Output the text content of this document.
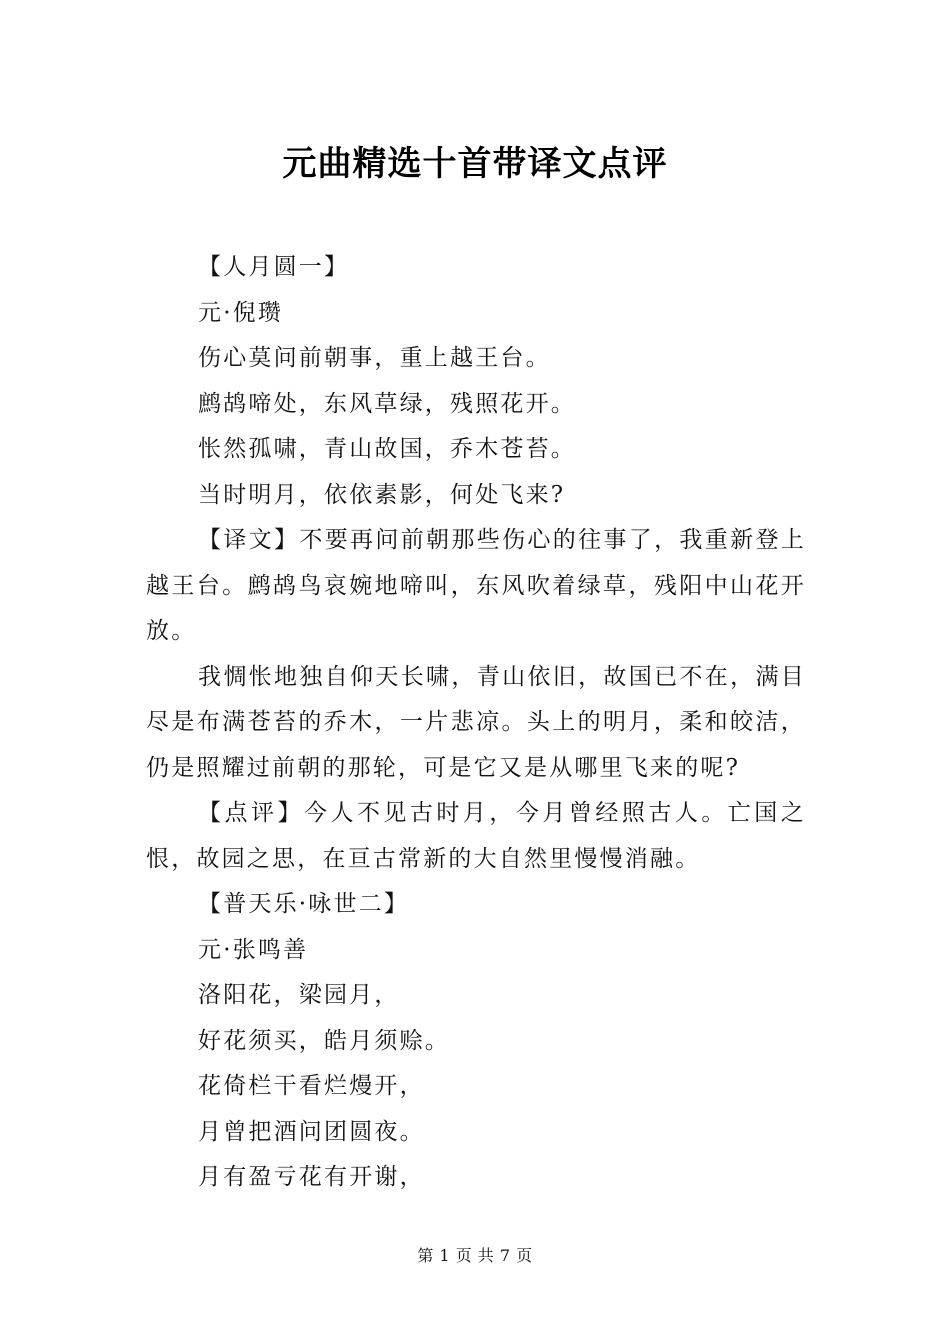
元曲精选十首带译文点评

【人月圆一】

元·倪瓒

伤心莫问前朝事，重上越王台。

鹧鸪啼处，东风草绿，残照花开。

怅然孤啸，青山故国，乔木苍苔。

当时明月，依依素影，何处飞来?

【译文】不要再问前朝那些伤心的往事了，我重新登上越王台。鹧鸪鸟哀婉地啼叫，东风吹着绿草，残阳中山花开放。

我惆怅地独自仰天长啸，青山依旧，故国已不在，满目尽是布满苍苔的乔木，一片悲凉。头上的明月，柔和皎洁，仍是照耀过前朝的那轮，可是它又是从哪里飞来的呢?

【点评】今人不见古时月，今月曾经照古人。亡国之恨，故园之思，在亘古常新的大自然里慢慢消融。

【普天乐·咏世二】

元·张鸣善

洛阳花，梁园月，

好花须买，皓月须赊。

花倚栏干看烂熳开，

月曾把酒问团圆夜。

月有盈亏花有开谢，

第 1 页 共 7 页
